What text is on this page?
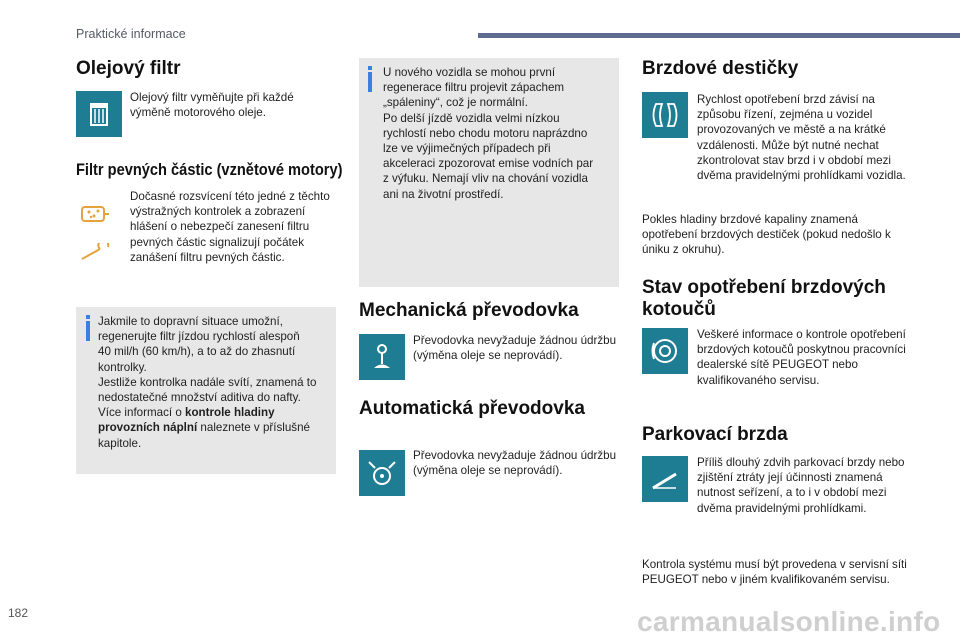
Praktické informace
Olejový filtr
Olejový filtr vyměňujte při každé výměně motorového oleje.
Filtr pevných částic (vznětové motory)
Dočasné rozsvícení této jedné z těchto výstražných kontrolek a zobrazení hlášení o nebezpečí zanesení filtru pevných částic signalizují počátek zanášení filtru pevných částic.
Jakmile to dopravní situace umožní,
regenerujte filtr jízdou rychlostí alespoň
40 mil/h (60 km/h), a to až do zhasnutí
kontrolky.
Jestliže kontrolka nadále svítí, znamená to
nedostatečné množství aditiva do nafty.
Více informací o kontrole hladiny provozních náplní naleznete v příslušné kapitole.
U nového vozidla se mohou první
regenerace filtru projevit zápachem
„spáleniny“, což je normální.
Po delší jízdě vozidla velmi nízkou
rychlostí nebo chodu motoru naprázdno
lze ve výjimečných případech při
akceleraci zpozorovat emise vodních par
z výfuku. Nemají vliv na chování vozidla
ani na životní prostředí.
Mechanická převodovka
Převodovka nevyžaduje žádnou údržbu (výměna oleje se neprovádí).
Automatická převodovka
Převodovka nevyžaduje žádnou údržbu (výměna oleje se neprovádí).
Brzdové destičky
Rychlost opotřebení brzd závisí na způsobu řízení, zejména u vozidel provozovaných ve městě a na krátké vzdálenosti. Může být nutné nechat zkontrolovat stav brzd i v období mezi dvěma pravidelnými prohlídkami vozidla.
Pokles hladiny brzdové kapaliny znamená opotřebení brzdových destiček (pokud nedošlo k úniku z okruhu).
Stav opotřebení brzdových kotoučů
Veškeré informace o kontrole opotřebení brzdových kotoučů poskytnou pracovníci dealerské sítě PEUGEOT nebo kvalifikovaného servisu.
Parkovací brzda
Příliš dlouhý zdvih parkovací brzdy nebo zjištění ztráty její účinnosti znamená nutnost seřízení, a to i v období mezi dvěma pravidelnými prohlídkami.
Kontrola systému musí být provedena v servisní síti PEUGEOT nebo v jiném kvalifikovaném servisu.
182	carmanualsonline.info
